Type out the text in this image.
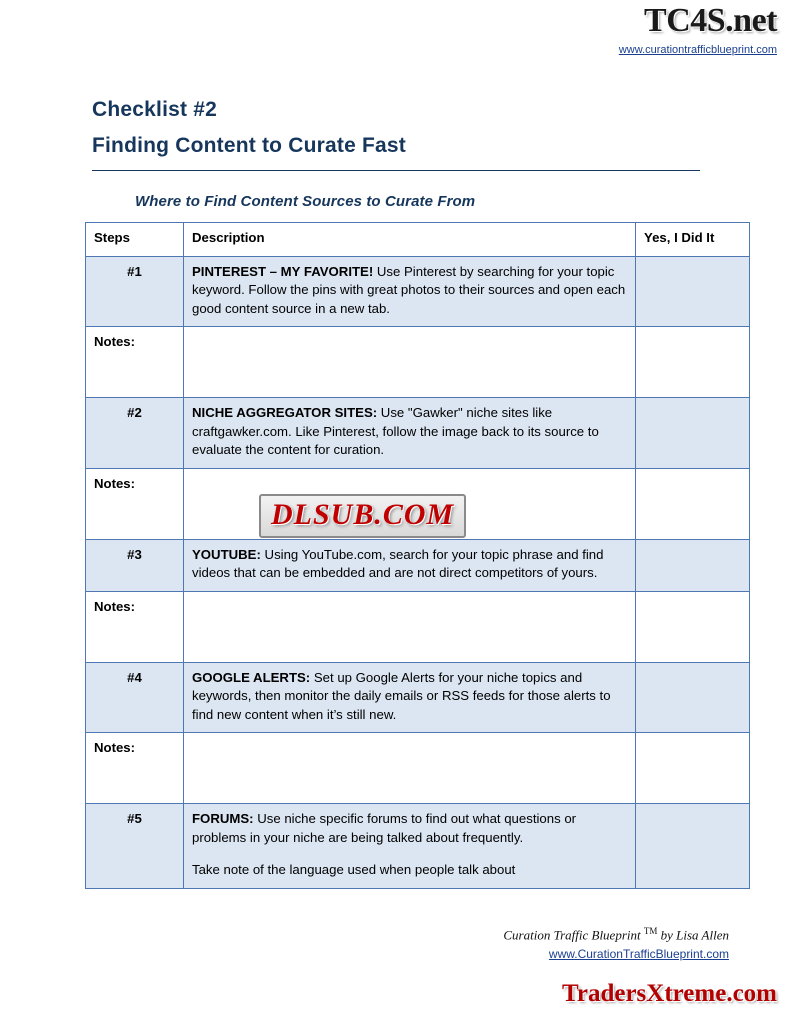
TC4S.net
www.curationtrafficblueprint.com
Checklist #2
Finding Content to Curate Fast
Where to Find Content Sources to Curate From
Steps	Description	Yes, I Did It
#1	PINTEREST – MY FAVORITE! Use Pinterest by searching for your topic keyword. Follow the pins with great photos to their sources and open each good content source in a new tab.	
Notes:		
#2	NICHE AGGREGATOR SITES: Use "Gawker" niche sites like craftgawker.com. Like Pinterest, follow the image back to its source to evaluate the content for curation.	
Notes:		
#3	YOUTUBE: Using YouTube.com, search for your topic phrase and find videos that can be embedded and are not direct competitors of yours.	
Notes:		
#4	GOOGLE ALERTS: Set up Google Alerts for your niche topics and keywords, then monitor the daily emails or RSS feeds for those alerts to find new content when it’s still new.	
Notes:		
#5	FORUMS: Use niche specific forums to find out what questions or problems in your niche are being talked about frequently.
Take note of the language used when people talk about	
DLSUB.COM
Curation Traffic Blueprint ™ by Lisa Allen
www.CurationTrafficBlueprint.com
TradersXtreme.com
